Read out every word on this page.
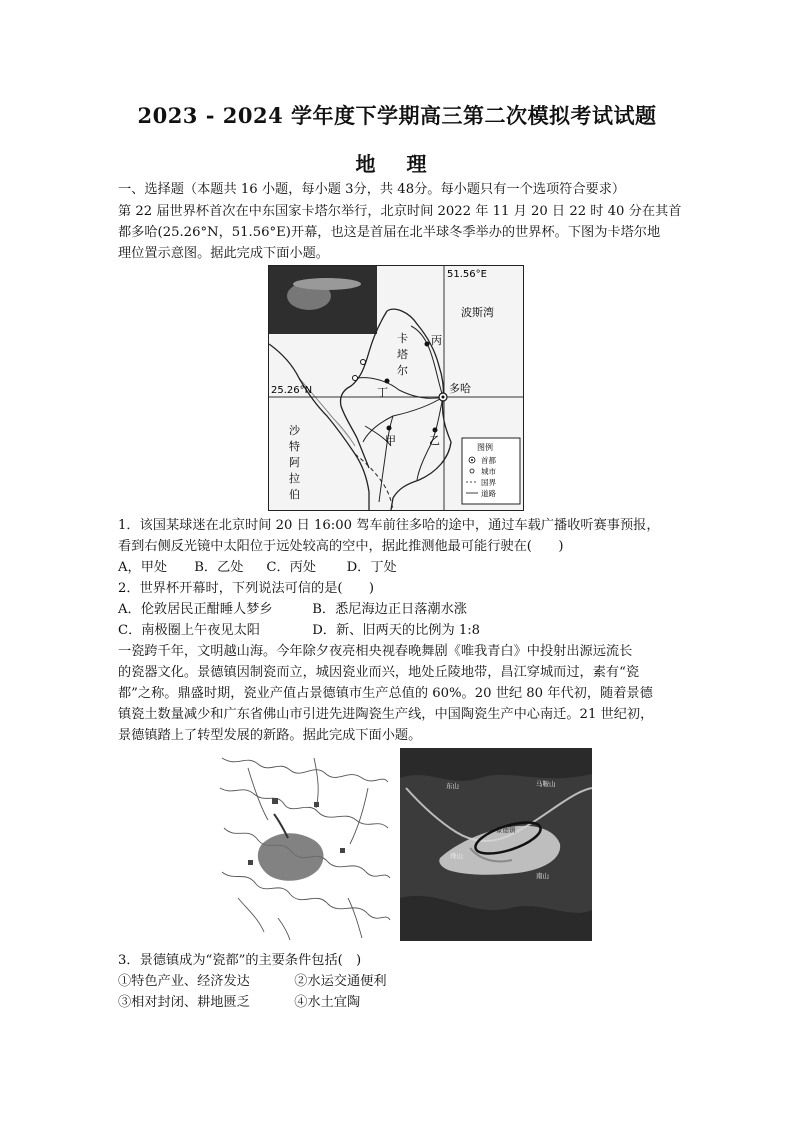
2023 - 2024 学年度下学期高三第二次模拟考试试题
地 理
一、选择题（本题共 16 小题，每小题 3分，共 48分。每小题只有一个选项符合要求）
第 22 届世界杯首次在中东国家卡塔尔举行，北京时间 2022 年 11 月 20 日 22 时 40 分在其首
都多哈(25.26°N，51.56°E)开幕，也这是首届在北半球冬季举办的世界杯。下图为卡塔尔地
理位置示意图。据此完成下面小题。
51.56°E
25.26°N
波斯湾
卡
塔
尔
多哈
丙
丁
甲	乙
沙
特
阿
拉
伯
图例
首都
城市
国界
道路
1．该国某球迷在北京时间 20 日 16:00 驾车前往多哈的途中，通过车载广播收听赛事预报，
看到右侧反光镜中太阳位于远处较高的空中，据此推测他最可能行驶在(　　)
A，甲处 B．乙处 C．丙处 D．丁处
2．世界杯开幕时，下列说法可信的是(　　)
A．伦敦居民正酣睡人梦乡	B．悉尼海边正日落潮水涨
C．南极圈上午夜见太阳	D．新、旧两天的比例为 1:8
一瓷跨千年，文明越山海。今年除夕夜亮相央视春晚舞剧《唯我青白》中投射出源远流长
的瓷器文化。景德镇因制瓷而立，城因瓷业而兴，地处丘陵地带，昌江穿城而过，素有“瓷
都”之称。鼎盛时期，瓷业产值占景德镇市生产总值的 60%。20 世纪 80 年代初，随着景德
镇瓷土数量减少和广东省佛山市引进先进陶瓷生产线，中国陶瓷生产中心南迁。21 世纪初，
景德镇踏上了转型发展的新路。据此完成下面小题。
东山
南山
马鞍山
珠山
景德镇
3．景德镇成为“瓷都”的主要条件包括(　)
①特色产业、经济发达	②水运交通便利
③相对封闭、耕地匮乏	④水土宜陶
